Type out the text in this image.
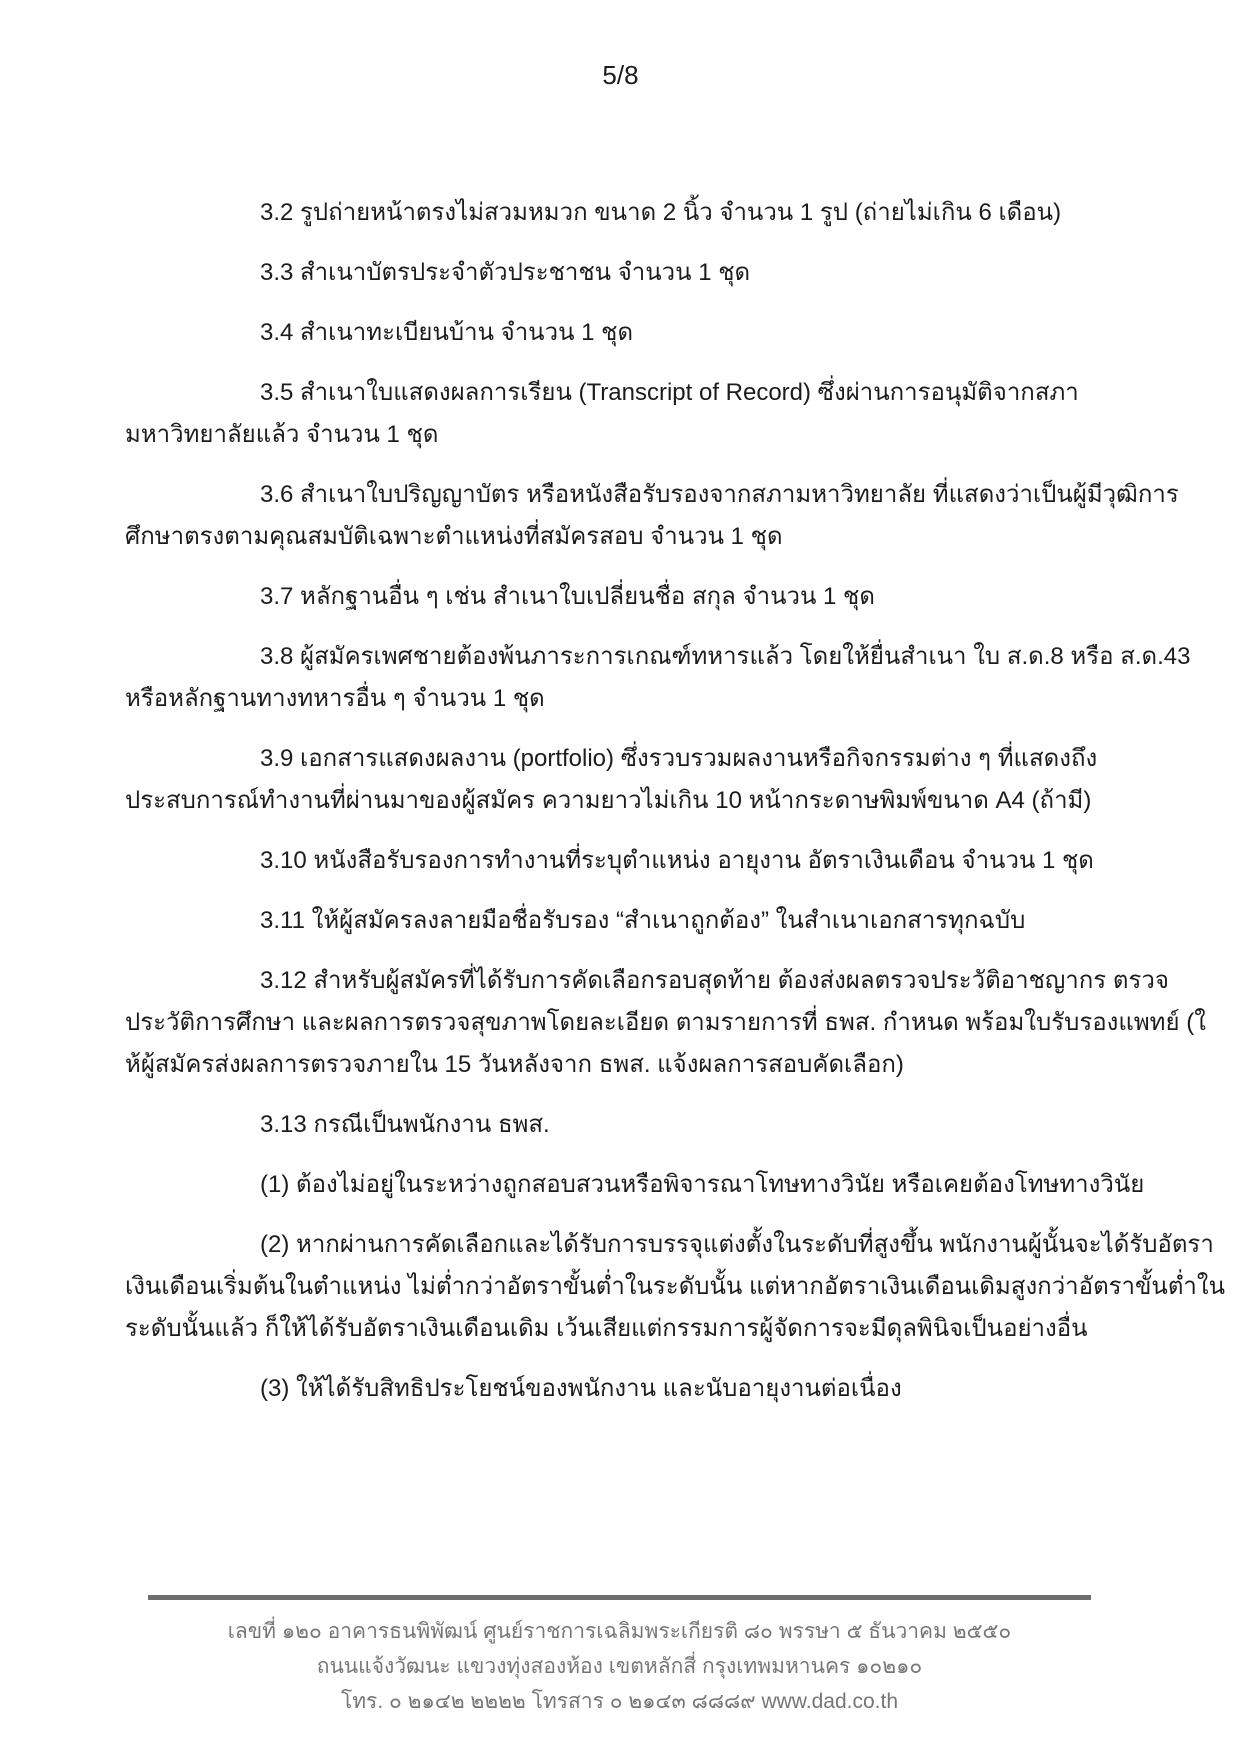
5/8
3.2 รูปถ่ายหน้าตรงไม่สวมหมวก ขนาด 2 นิ้ว จำนวน 1 รูป (ถ่ายไม่เกิน 6 เดือน)
3.3 สำเนาบัตรประจำตัวประชาชน จำนวน 1 ชุด
3.4 สำเนาทะเบียนบ้าน จำนวน 1 ชุด
3.5 สำเนาใบแสดงผลการเรียน (Transcript of Record) ซึ่งผ่านการอนุมัติจากสภา
มหาวิทยาลัยแล้ว จำนวน 1 ชุด
3.6 สำเนาใบปริญญาบัตร หรือหนังสือรับรองจากสภามหาวิทยาลัย ที่แสดงว่าเป็นผู้มีวุฒิการ
ศึกษาตรงตามคุณสมบัติเฉพาะตำแหน่งที่สมัครสอบ จำนวน 1 ชุด
3.7 หลักฐานอื่น ๆ เช่น สำเนาใบเปลี่ยนชื่อ สกุล จำนวน 1 ชุด
3.8 ผู้สมัครเพศชายต้องพ้นภาระการเกณฑ์ทหารแล้ว โดยให้ยื่นสำเนา ใบ ส.ด.8 หรือ ส.ด.43
หรือหลักฐานทางทหารอื่น ๆ จำนวน 1 ชุด
3.9 เอกสารแสดงผลงาน (portfolio) ซึ่งรวบรวมผลงานหรือกิจกรรมต่าง ๆ ที่แสดงถึง
ประสบการณ์ทำงานที่ผ่านมาของผู้สมัคร ความยาวไม่เกิน 10 หน้ากระดาษพิมพ์ขนาด A4 (ถ้ามี)
3.10 หนังสือรับรองการทำงานที่ระบุตำแหน่ง อายุงาน อัตราเงินเดือน จำนวน 1 ชุด
3.11 ให้ผู้สมัครลงลายมือชื่อรับรอง “สำเนาถูกต้อง” ในสำเนาเอกสารทุกฉบับ
3.12 สำหรับผู้สมัครที่ได้รับการคัดเลือกรอบสุดท้าย ต้องส่งผลตรวจประวัติอาชญากร ตรวจ
ประวัติการศึกษา และผลการตรวจสุขภาพโดยละเอียด ตามรายการที่ ธพส. กำหนด พร้อมใบรับรองแพทย์ (ใ
ห้ผู้สมัครส่งผลการตรวจภายใน 15 วันหลังจาก ธพส. แจ้งผลการสอบคัดเลือก)
3.13 กรณีเป็นพนักงาน ธพส.
(1) ต้องไม่อยู่ในระหว่างถูกสอบสวนหรือพิจารณาโทษทางวินัย หรือเคยต้องโทษทางวินัย
(2) หากผ่านการคัดเลือกและได้รับการบรรจุแต่งตั้งในระดับที่สูงขึ้น พนักงานผู้นั้นจะได้รับอัตรา
เงินเดือนเริ่มต้นในตำแหน่ง ไม่ต่ำกว่าอัตราขั้นต่ำในระดับนั้น แต่หากอัตราเงินเดือนเดิมสูงกว่าอัตราขั้นต่ำใน
ระดับนั้นแล้ว ก็ให้ได้รับอัตราเงินเดือนเดิม เว้นเสียแต่กรรมการผู้จัดการจะมีดุลพินิจเป็นอย่างอื่น
(3) ให้ได้รับสิทธิประโยชน์ของพนักงาน และนับอายุงานต่อเนื่อง
เลขที่ ๑๒๐ อาคารธนพิพัฒน์ ศูนย์ราชการเฉลิมพระเกียรติ ๘๐ พรรษา ๕ ธันวาคม ๒๕๕๐
ถนนแจ้งวัฒนะ แขวงทุ่งสองห้อง เขตหลักสี่ กรุงเทพมหานคร ๑๐๒๑๐
โทร. ๐ ๒๑๔๒ ๒๒๒๒ โทรสาร ๐ ๒๑๔๓ ๘๘๘๙ www.dad.co.th
